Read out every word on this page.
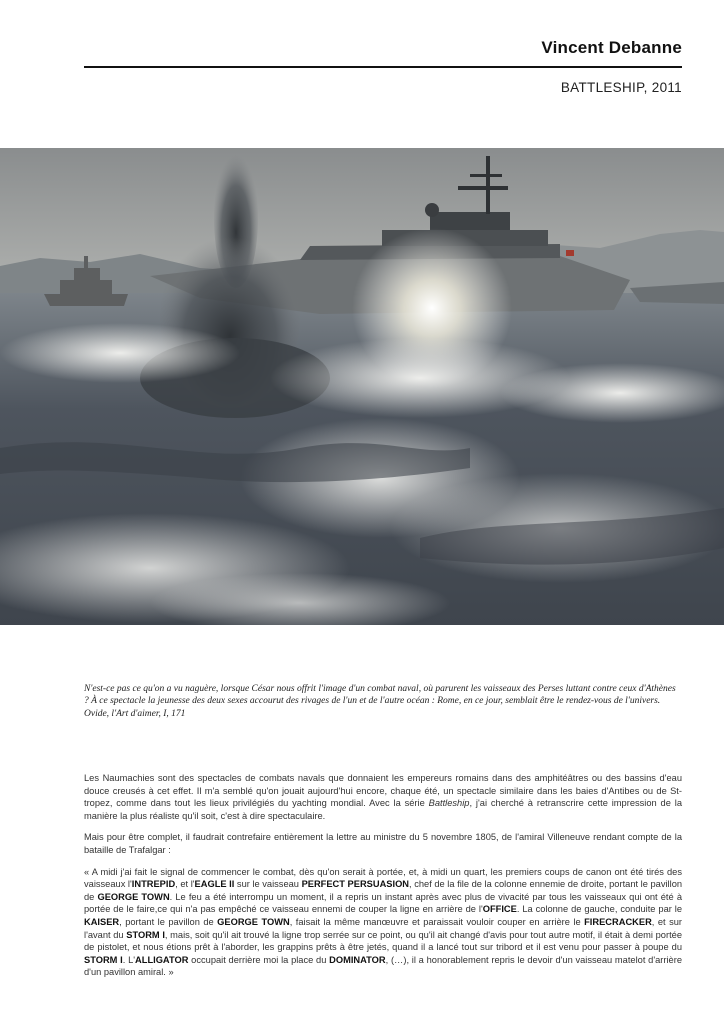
Vincent Debanne
BATTLESHIP, 2011

N'est-ce pas ce qu'on a vu naguère, lorsque César nous offrit l'image d'un combat naval, où parurent les vaisseaux des Perses luttant contre ceux d'Athènes ? À ce spectacle la jeunesse des deux sexes accourut des rivages de l'un et de l'autre océan : Rome, en ce jour, semblait être le rendez-vous de l'univers.

Ovide, l'Art d'aimer, I, 171

Les Naumachies sont des spectacles de combats navals que donnaient les empereurs romains dans des amphitéâtres ou des bassins d'eau douce creusés à cet effet. Il m'a semblé qu'on jouait aujourd'hui encore, chaque été, un spectacle similaire dans les baies d'Antibes ou de St-tropez, comme dans tout les lieux privilégiés du yachting mondial. Avec la série Battleship, j'ai cherché à retranscrire cette impression de la manière la plus réaliste qu'il soit, c'est à dire spectaculaire.

Mais pour être complet, il faudrait contrefaire entièrement la lettre au ministre du 5 novembre 1805, de l'amiral Villeneuve rendant compte de la bataille de Trafalgar :

« A midi j'ai fait le signal de commencer le combat, dès qu'on serait à portée, et, à midi un quart, les premiers coups de canon ont été tirés des vaisseaux l'INTREPID, et l'EAGLE II sur le vaisseau PERFECT PERSUASION, chef de la file de la colonne ennemie de droite, portant le pavillon de GEORGE TOWN. Le feu a été interrompu un moment, il a repris un instant après avec plus de vivacité par tous les vaisseaux qui ont été à portée de le faire,ce qui n'a pas empêché ce vaisseau ennemi de couper la ligne en arrière de l'OFFICE. La colonne de gauche, conduite par le KAISER, portant le pavillon de GEORGE TOWN, faisait la même manœuvre et paraissait vouloir couper en arrière le FIRECRACKER, et sur l'avant du STORM I, mais, soit qu'il ait trouvé la ligne trop serrée sur ce point, ou qu'il ait changé d'avis pour tout autre motif, il était à demi portée de pistolet, et nous étions prêt à l'aborder, les grappins prêts à être jetés, quand il a lancé tout sur tribord et il est venu pour passer à poupe du STORM I. L'ALLIGATOR occupait derrière moi la place du DOMINATOR, (…), il a honorablement repris le devoir d'un vaisseau matelot d'arrière d'un pavillon amiral. »
